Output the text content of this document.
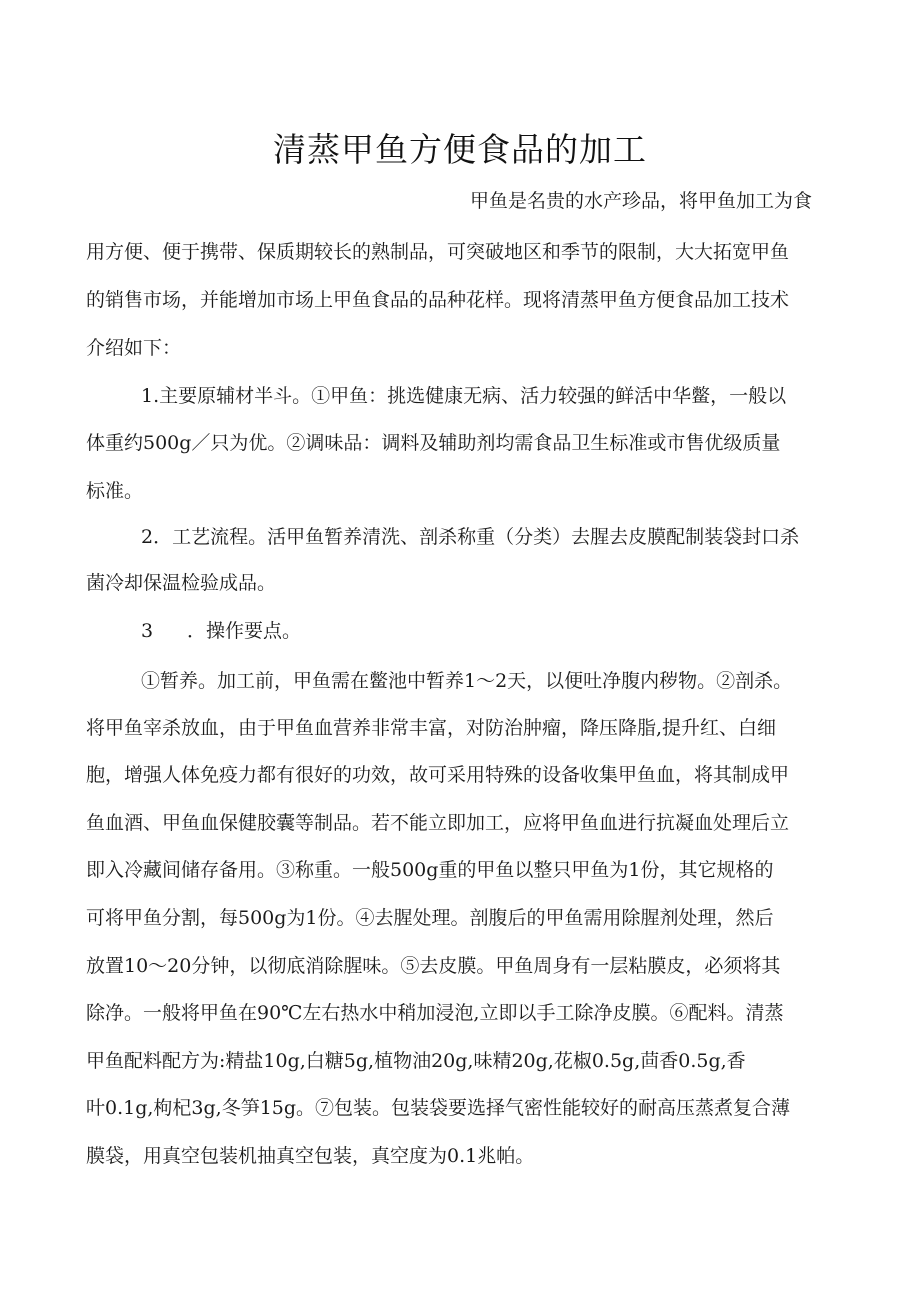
清蒸甲鱼方便食品的加工
甲鱼是名贵的水产珍品，将甲鱼加工为食
用方便、便于携带、保质期较长的熟制品，可突破地区和季节的限制，大大拓宽甲鱼
的销售市场，并能增加市场上甲鱼食品的品种花样。现将清蒸甲鱼方便食品加工技术
介绍如下：
1.主要原辅材半斗。①甲鱼：挑选健康无病、活力较强的鲜活中华鳖，一般以
体重约500g／只为优。②调味品：调料及辅助剂均需食品卫生标准或市售优级质量
标准。
2．工艺流程。活甲鱼暂养清洗、剖杀称重（分类）去腥去皮膜配制装袋封口杀
菌冷却保温检验成品。
3 ．操作要点。
①暂养。加工前，甲鱼需在鳖池中暂养1～2天，以便吐净腹内秽物。②剖杀。
将甲鱼宰杀放血，由于甲鱼血营养非常丰富，对防治肿瘤，降压降脂,提升红、白细
胞，增强人体免疫力都有很好的功效，故可采用特殊的设备收集甲鱼血，将其制成甲
鱼血酒、甲鱼血保健胶囊等制品。若不能立即加工，应将甲鱼血进行抗凝血处理后立
即入冷藏间储存备用。③称重。一般500g重的甲鱼以整只甲鱼为1份，其它规格的
可将甲鱼分割，每500g为1份。④去腥处理。剖腹后的甲鱼需用除腥剂处理，然后
放置10～20分钟，以彻底消除腥味。⑤去皮膜。甲鱼周身有一层粘膜皮，必须将其
除净。一般将甲鱼在90℃左右热水中稍加浸泡,立即以手工除净皮膜。⑥配料。清蒸
甲鱼配料配方为:精盐10g,白糖5g,植物油20g,味精20g,花椒0.5g,茴香0.5g,香
叶0.1g,枸杞3g,冬笋15g。⑦包装。包装袋要选择气密性能较好的耐高压蒸煮复合薄
膜袋，用真空包装机抽真空包装，真空度为0.1兆帕。
